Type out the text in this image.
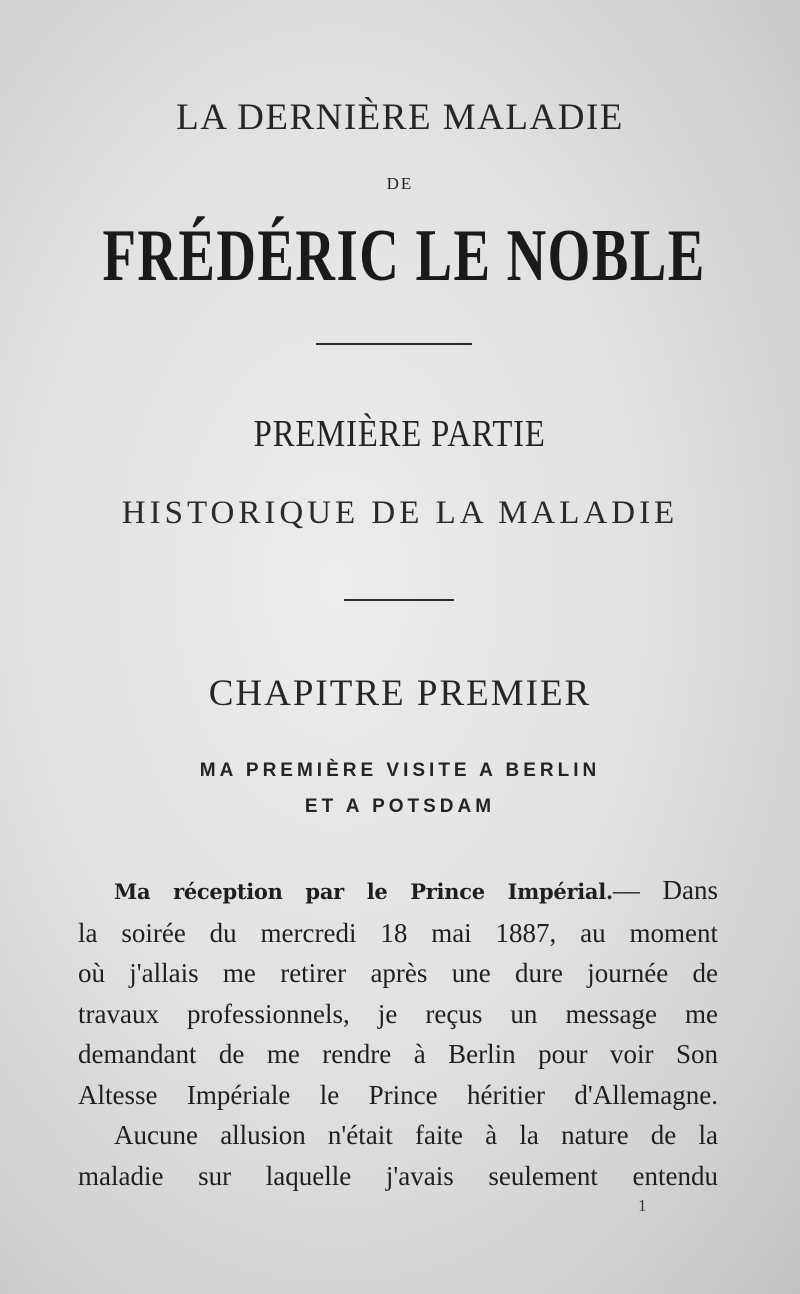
LA DERNIÈRE MALADIE
DE
FRÉDÉRIC LE NOBLE
PREMIÈRE PARTIE
HISTORIQUE DE LA MALADIE
CHAPITRE PREMIER
MA PREMIÈRE VISITE A BERLIN
ET A POTSDAM
Ma réception par le Prince Impérial.— Dans
la soirée du mercredi 18 mai 1887, au moment
où j'allais me retirer après une dure journée de
travaux professionnels, je reçus un message me
demandant de me rendre à Berlin pour voir Son
Altesse Impériale le Prince héritier d'Allemagne.
Aucune allusion n'était faite à la nature de la
maladie sur laquelle j'avais seulement entendu
1
